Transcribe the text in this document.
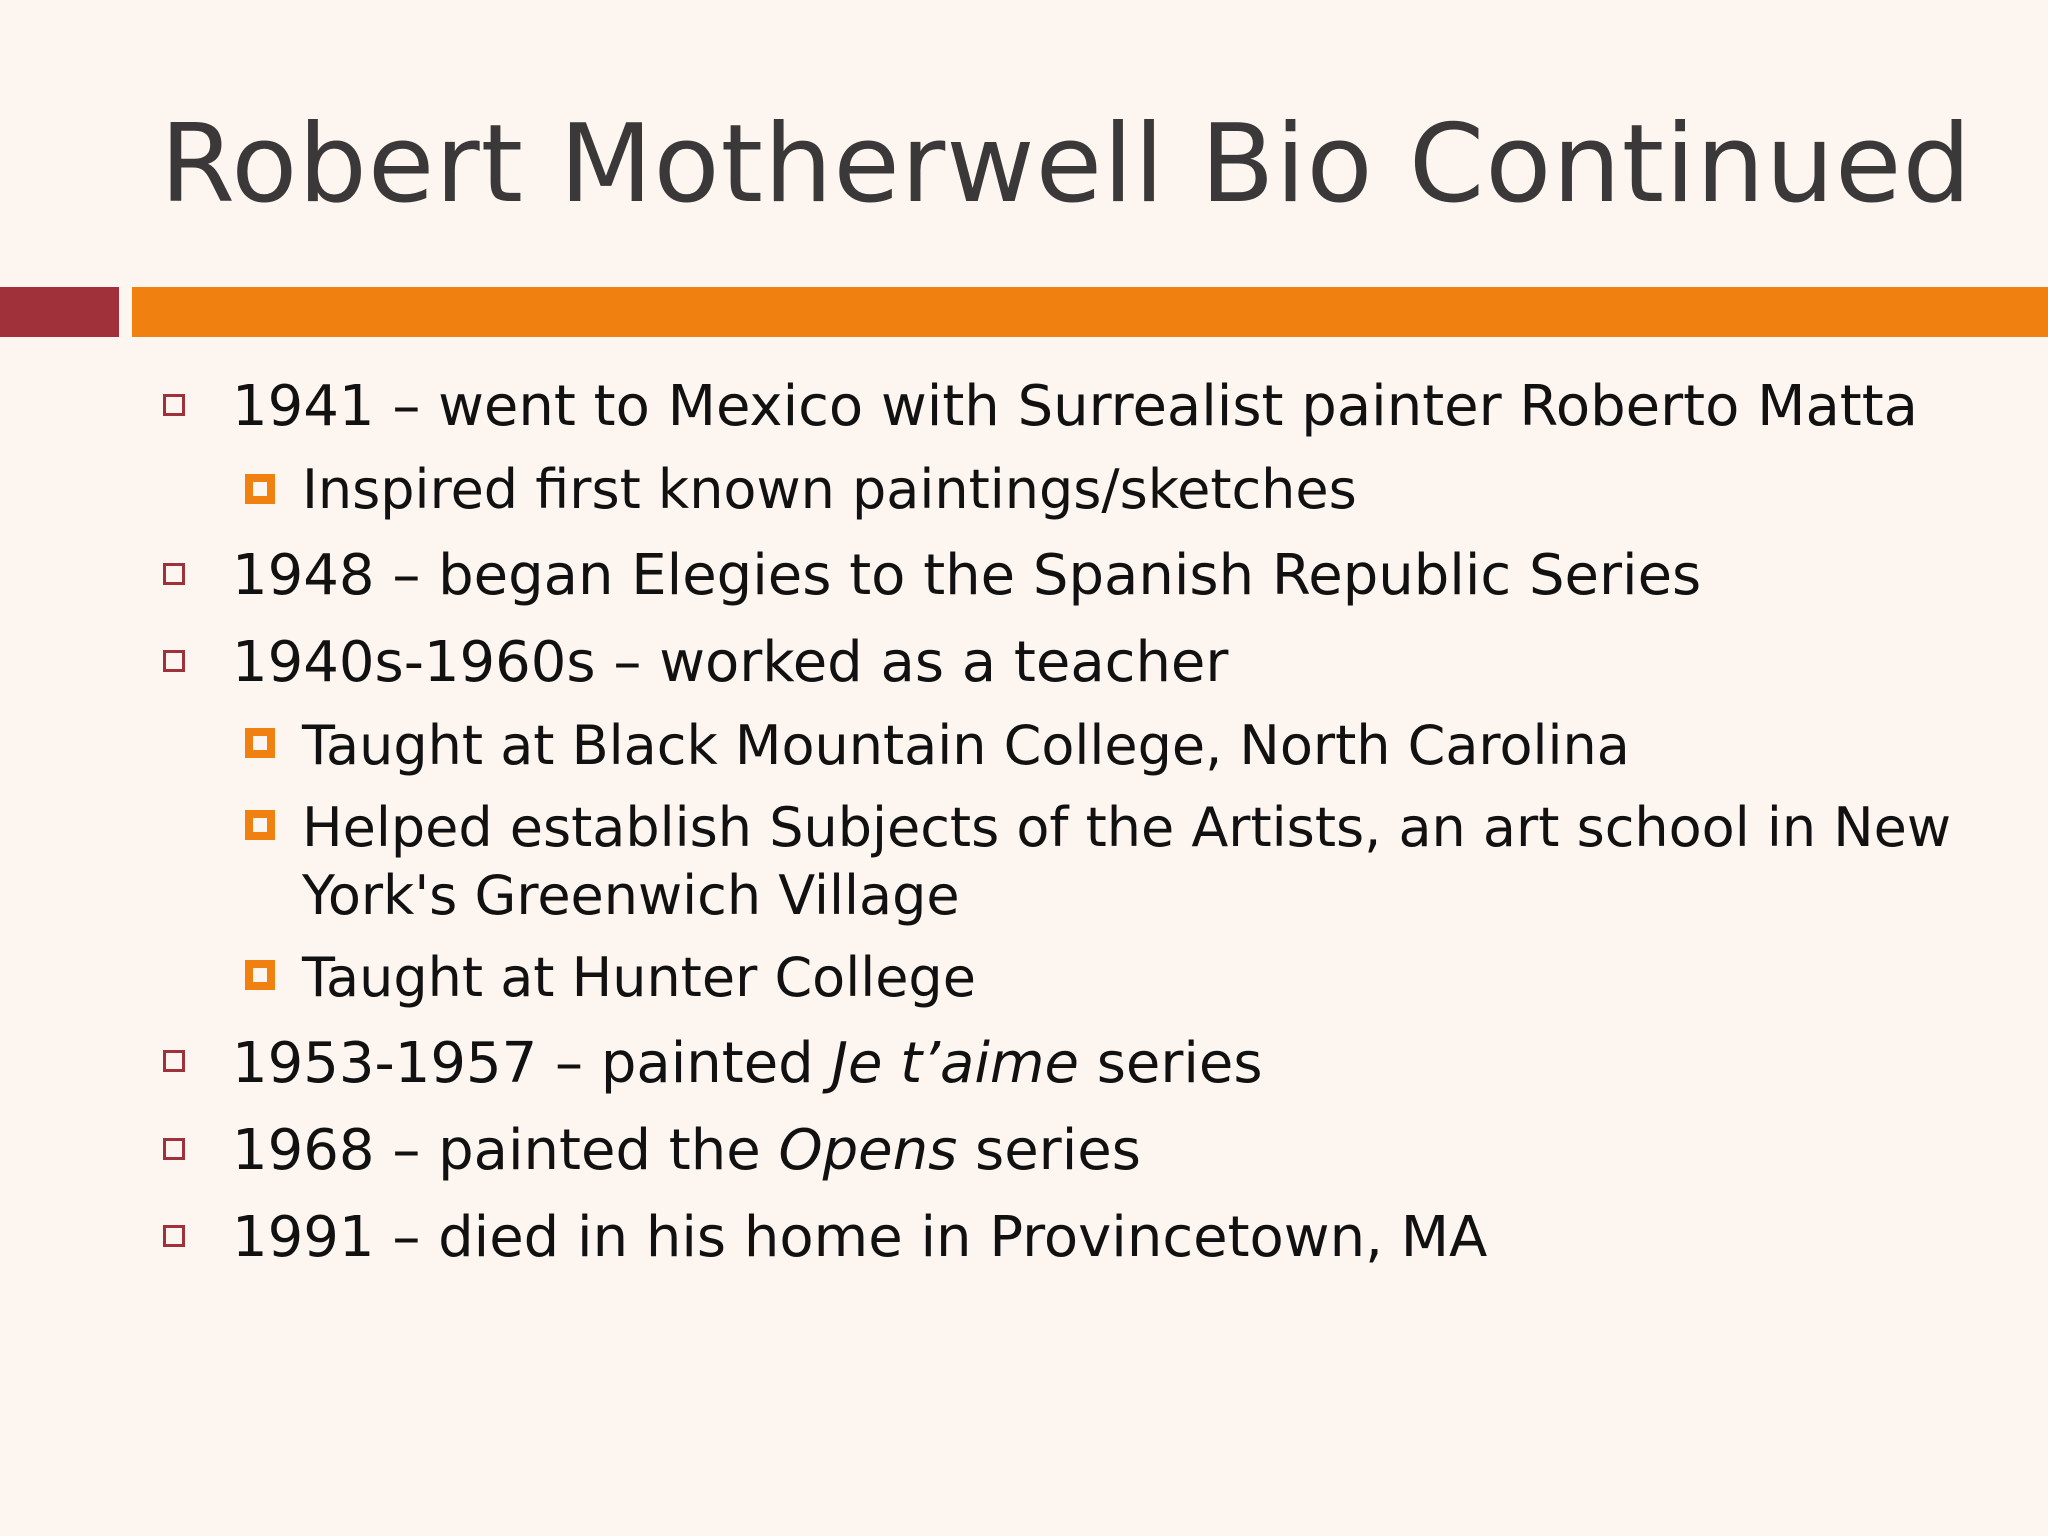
Robert Motherwell Bio Continued
1941 – went to Mexico with Surrealist painter Roberto Matta
Inspired first known paintings/sketches
1948 – began Elegies to the Spanish Republic Series
1940s-1960s – worked as a teacher
Taught at Black Mountain College, North Carolina
Helped establish Subjects of the Artists, an art school in New York's Greenwich Village
Taught at Hunter College
1953-1957 – painted Je t’aime series
1968 – painted the Opens series
1991 – died in his home in Provincetown, MA
